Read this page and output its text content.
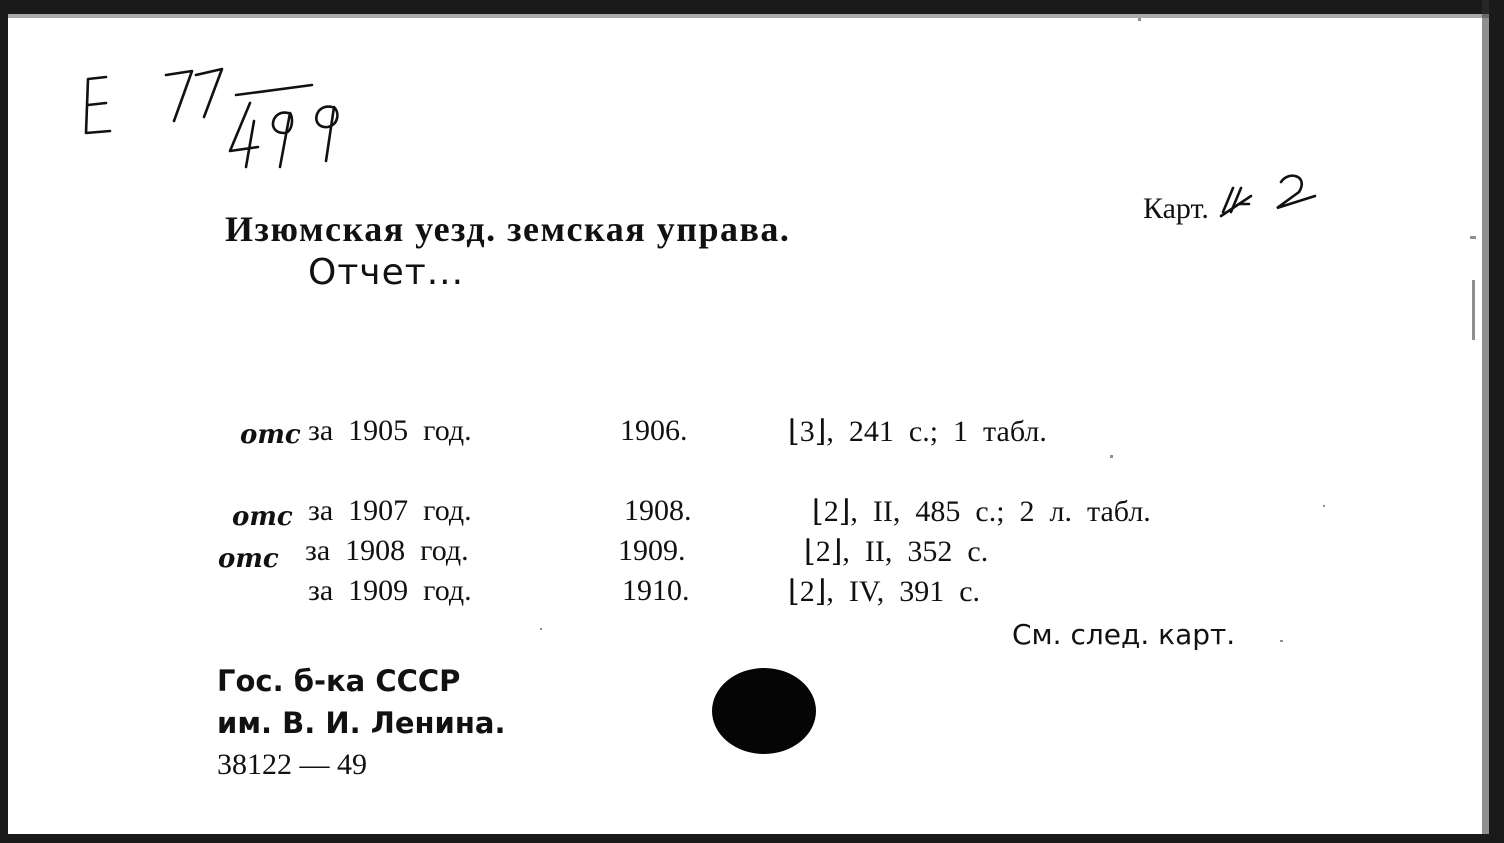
Карт.
Изюмская уезд. земская управа.
Отчет...
отс за  1905  год.	1906.	⌊3⌋,  241  с.;  1  табл.
отс за  1907  год.	1908.	⌊2⌋,  II,  485  с.;  2  л.  табл.
отс за  1908  год.	1909.	⌊2⌋,  II,  352  с.
за  1909  год.	1910.	⌊2⌋,  IV,  391  с.
См. след. карт.
Гос. б-ка СССР
им. В. И. Ленина.
38122 — 49
